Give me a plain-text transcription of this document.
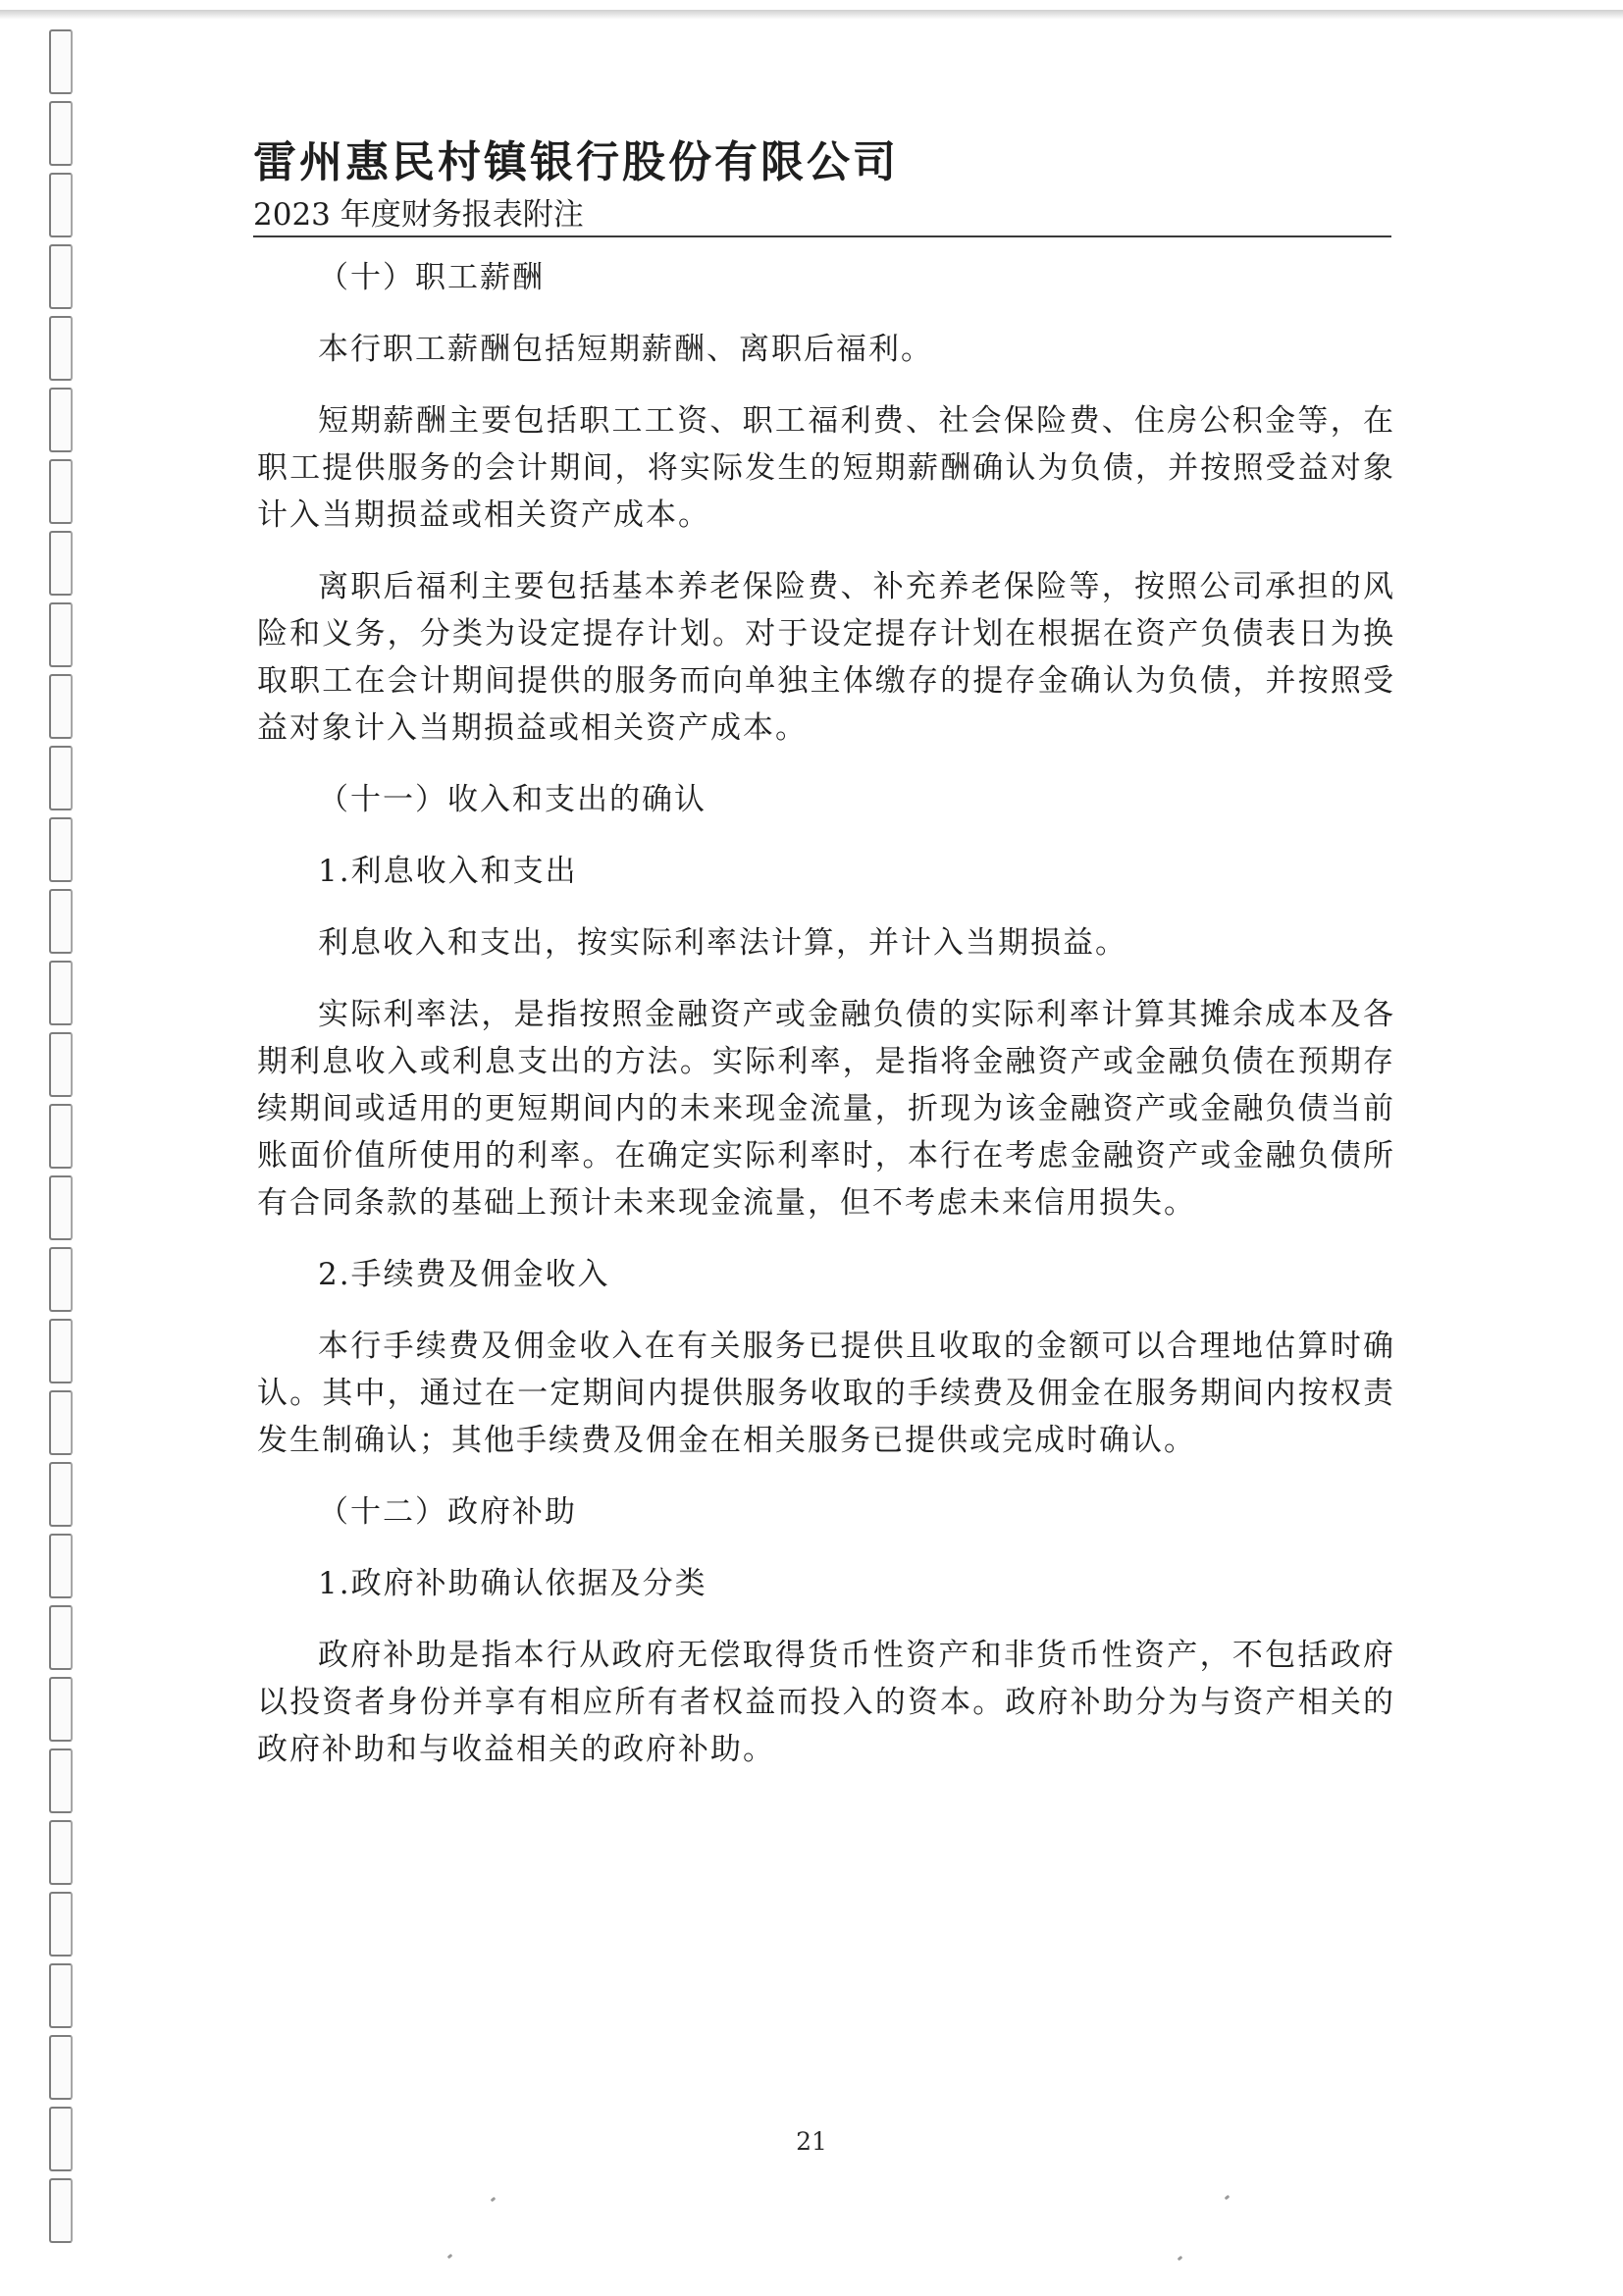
雷州惠民村镇银行股份有限公司
2023 年度财务报表附注

（十）职工薪酬

本行职工薪酬包括短期薪酬、离职后福利。

短期薪酬主要包括职工工资、职工福利费、社会保险费、住房公积金等，在职工提供服务的会计期间，将实际发生的短期薪酬确认为负债，并按照受益对象计入当期损益或相关资产成本。

离职后福利主要包括基本养老保险费、补充养老保险等，按照公司承担的风险和义务，分类为设定提存计划。对于设定提存计划在根据在资产负债表日为换取职工在会计期间提供的服务而向单独主体缴存的提存金确认为负债，并按照受益对象计入当期损益或相关资产成本。

（十一）收入和支出的确认

1.利息收入和支出

利息收入和支出，按实际利率法计算，并计入当期损益。

实际利率法，是指按照金融资产或金融负债的实际利率计算其摊余成本及各期利息收入或利息支出的方法。实际利率，是指将金融资产或金融负债在预期存续期间或适用的更短期间内的未来现金流量，折现为该金融资产或金融负债当前账面价值所使用的利率。在确定实际利率时，本行在考虑金融资产或金融负债所有合同条款的基础上预计未来现金流量，但不考虑未来信用损失。

2.手续费及佣金收入

本行手续费及佣金收入在有关服务已提供且收取的金额可以合理地估算时确认。其中，通过在一定期间内提供服务收取的手续费及佣金在服务期间内按权责发生制确认；其他手续费及佣金在相关服务已提供或完成时确认。

（十二）政府补助

1.政府补助确认依据及分类

政府补助是指本行从政府无偿取得货币性资产和非货币性资产，不包括政府以投资者身份并享有相应所有者权益而投入的资本。政府补助分为与资产相关的政府补助和与收益相关的政府补助。

21
